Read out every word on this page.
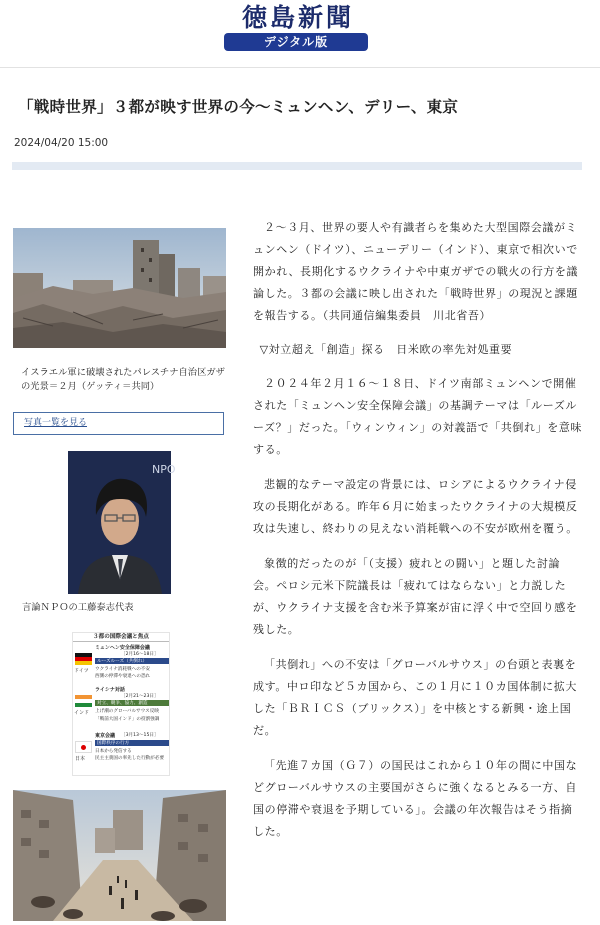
徳島新聞
デジタル版
「戦時世界」３都が映す世界の今〜ミュンヘン、デリー、東京
2024/04/20 15:00

イスラエル軍に破壊されたパレスチナ自治区ガザの光景＝２月（ゲッティ＝共同）

写真一覧を見る
NPO

言論ＮＰＯの工藤泰志代表

３都の国際会議と焦点
ドイツ
ミュンヘン安全保障会議
［2月16〜18日］
ルーズルーズ（共倒れ）
ウクライナ消耗戦への不安
西側の停滞や衰退への恐れ
インド
ライシナ対話
［2月21〜23日］
対立、競争、協力、創造
上げ潮のグローバルサウス反映
「戦前大国インド」の役割強調
日本
東京会議 ［3月13〜15日］
国際秩序の行方
日本から発信する
民主主義国の率先した行動が必要

２〜３月、世界の要人や有識者らを集めた大型国際会議がミュンヘン（ドイツ）、ニューデリー（インド）、東京で相次いで開かれ、長期化するウクライナや中東ガザでの戦火の行方を議論した。３都の会議に映し出された「戦時世界」の現況と課題を報告する。（共同通信編集委員　川北省吾）

▽対立超え「創造」探る　日米欧の率先対処重要

２０２４年２月１６〜１８日、ドイツ南部ミュンヘンで開催された「ミュンヘン安全保障会議」の基調テーマは「ルーズルーズ？」だった。「ウィンウィン」の対義語で「共倒れ」を意味する。

悲観的なテーマ設定の背景には、ロシアによるウクライナ侵攻の長期化がある。昨年６月に始まったウクライナの大規模反攻は失速し、終わりの見えない消耗戦への不安が欧州を覆う。

象徴的だったのが「（支援）疲れとの闘い」と題した討論会。ペロシ元米下院議長は「疲れてはならない」と力説したが、ウクライナ支援を含む米予算案が宙に浮く中で空回り感を残した。

「共倒れ」への不安は「グローバルサウス」の台頭と表裏を成す。中ロ印など５カ国から、この１月に１０カ国体制に拡大した「ＢＲＩＣＳ（ブリックス）」を中核とする新興・途上国だ。

「先進７カ国（Ｇ７）の国民はこれから１０年の間に中国などグローバルサウスの主要国がさらに強くなるとみる一方、自国の停滞や衰退を予期している」。会議の年次報告はそう指摘した。
